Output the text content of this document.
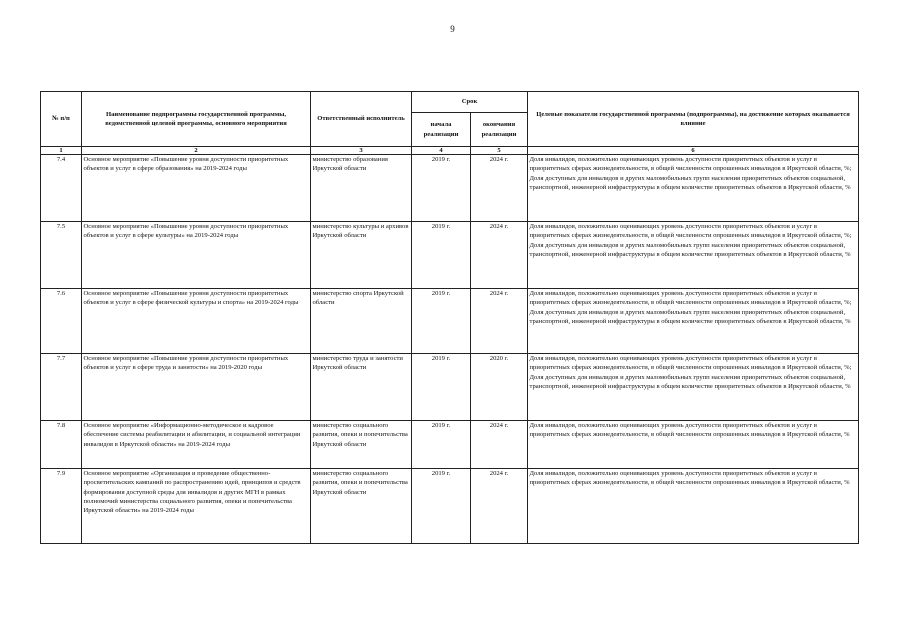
9
№ п/п	Наименование подпрограммы государственной программы, ведомственной целевой программы, основного мероприятия	Ответственный исполнитель	Срок		Целевые показатели государственной программы (подпрограммы), на достижение которых оказывается влияние
			начала реализации	окончания реализации	
1	2	3	4	5	6
7.4	Основное мероприятие «Повышение уровня доступности приоритетных объектов и услуг в сфере образования» на 2019-2024 годы	министерство образования Иркутской области	2019 г.	2024 г.	Доля инвалидов, положительно оценивающих уровень доступности приоритетных объектов и услуг в приоритетных сферах жизнедеятельности, в общей численности опрошенных инвалидов в Иркутской области, %;
Доля доступных для инвалидов и других маломобильных групп населения приоритетных объектов социальной, транспортной, инженерной инфраструктуры в общем количестве приоритетных объектов в Иркутской области, %

7.5	Основное мероприятие «Повышение уровня доступности приоритетных объектов и услуг в сфере культуры» на 2019-2024 годы	министерство культуры и архивов Иркутской области	2019 г.	2024 г.	Доля инвалидов, положительно оценивающих уровень доступности приоритетных объектов и услуг в приоритетных сферах жизнедеятельности, в общей численности опрошенных инвалидов в Иркутской области, %;
Доля доступных для инвалидов и других маломобильных групп населения приоритетных объектов социальной, транспортной, инженерной инфраструктуры в общем количестве приоритетных объектов в Иркутской области, %

7.6	Основное мероприятие «Повышение уровня доступности приоритетных объектов и услуг в сфере физической культуры и спорта» на 2019-2024 годы	министерство спорта Иркутской области	2019 г.	2024 г.	Доля инвалидов, положительно оценивающих уровень доступности приоритетных объектов и услуг в приоритетных сферах жизнедеятельности, в общей численности опрошенных инвалидов в Иркутской области, %;
Доля доступных для инвалидов и других маломобильных групп населения приоритетных объектов социальной, транспортной, инженерной инфраструктуры в общем количестве приоритетных объектов в Иркутской области, %

7.7	Основное мероприятие «Повышение уровня доступности приоритетных объектов и услуг в сфере труда и занятости» на 2019-2020 годы	министерство труда и занятости Иркутской области	2019 г.	2020 г.	Доля инвалидов, положительно оценивающих уровень доступности приоритетных объектов и услуг в приоритетных сферах жизнедеятельности, в общей численности опрошенных инвалидов в Иркутской области, %;
Доля доступных для инвалидов и других маломобильных групп населения приоритетных объектов социальной, транспортной, инженерной инфраструктуры в общем количестве приоритетных объектов в Иркутской области, %

7.8	Основное мероприятие «Информационно-методическое и кадровое обеспечение системы реабилитации и абилитации, и социальной интеграции инвалидов в Иркутской области» на 2019-2024 годы	министерство социального развития, опеки и попечительства Иркутской области	2019 г.	2024 г.	Доля инвалидов, положительно оценивающих уровень доступности приоритетных объектов и услуг в приоритетных сферах жизнедеятельности, в общей численности опрошенных инвалидов в Иркутской области, %

7.9	Основное мероприятие «Организация и проведение общественно-просветительских кампаний по распространению идей, принципов и средств формирования доступной среды для инвалидов и других МГН в рамках полномочий министерства социального развития, опеки и попечительства Иркутской области» на 2019-2024 годы	министерство социального развития, опеки и попечительства Иркутской области	2019 г.	2024 г.	Доля инвалидов, положительно оценивающих уровень доступности приоритетных объектов и услуг в приоритетных сферах жизнедеятельности, в общей численности опрошенных инвалидов в Иркутской области, %
